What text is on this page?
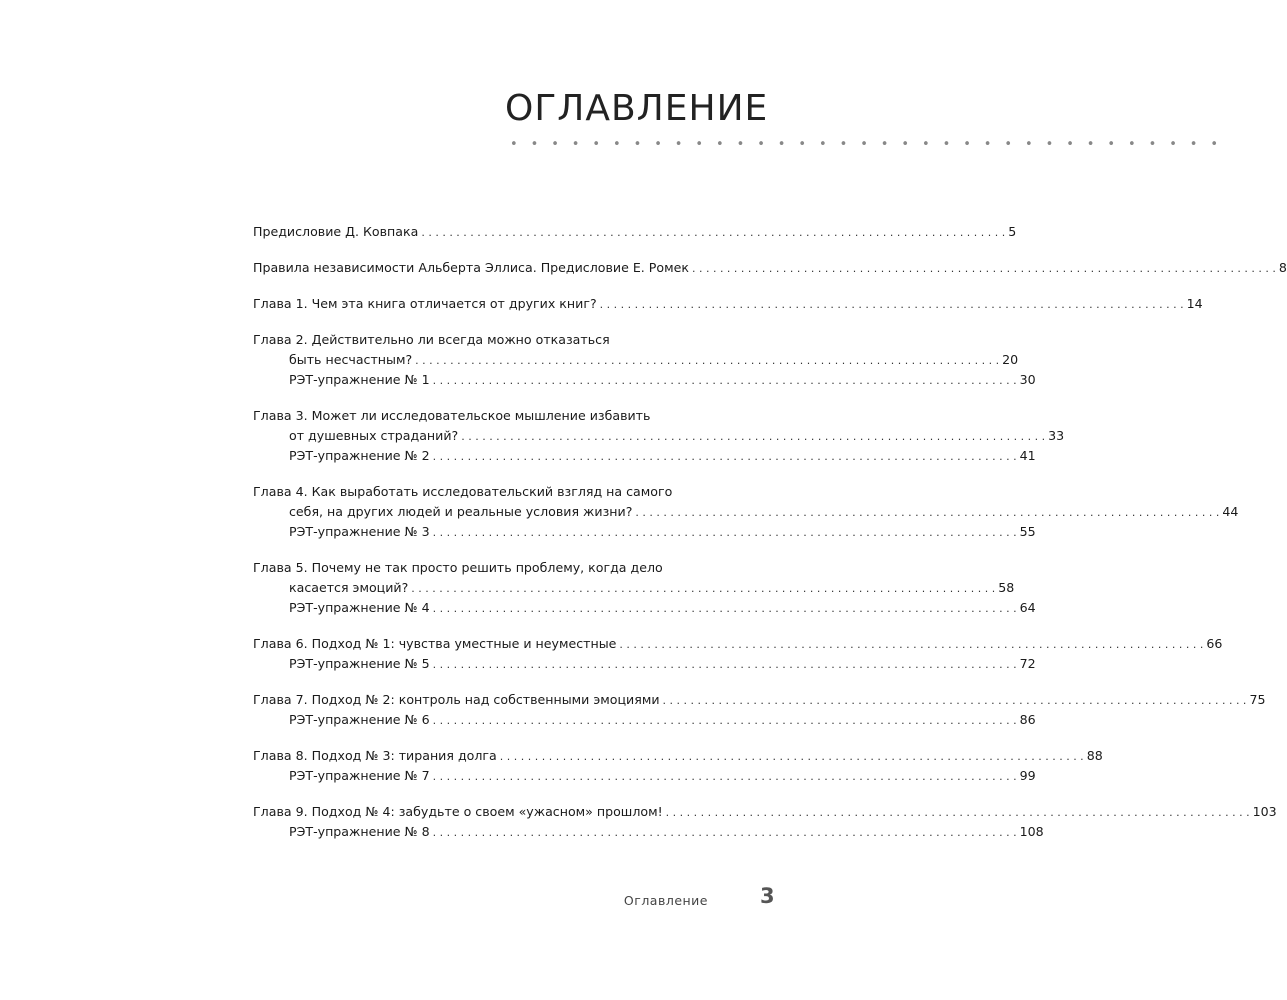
ОГЛАВЛЕНИЕ
• • • • • • • • • • • • • • • • • • • • • • • • • • • • • • • • • • •
Предисловие Д. Ковпака . . .	5
Правила независимости Альберта Эллиса. Предисловие Е. Ромек . . .	8
Глава 1. Чем эта книга отличается от других книг? . . .	14
Глава 2. Действительно ли всегда можно отказаться
быть несчастным? . . .	20
РЭТ-упражнение № 1 . . .	30
Глава 3. Может ли исследовательское мышление избавить
от душевных страданий? . . .	33
РЭТ-упражнение № 2 . . .	41
Глава 4. Как выработать исследовательский взгляд на самого
себя, на других людей и реальные условия жизни? . . .	44
РЭТ-упражнение № 3 . . .	55
Глава 5. Почему не так просто решить проблему, когда дело
касается эмоций? . . .	58
РЭТ-упражнение № 4 . . .	64
Глава 6. Подход № 1: чувства уместные и неуместные . . .	66
РЭТ-упражнение № 5 . . .	72
Глава 7. Подход № 2: контроль над собственными эмоциями . . .	75
РЭТ-упражнение № 6 . . .	86
Глава 8. Подход № 3: тирания долга . . .	88
РЭТ-упражнение № 7 . . .	99
Глава 9. Подход № 4: забудьте о своем «ужасном» прошлом! . . .	103
РЭТ-упражнение № 8 . . .	108
Оглавление 3
